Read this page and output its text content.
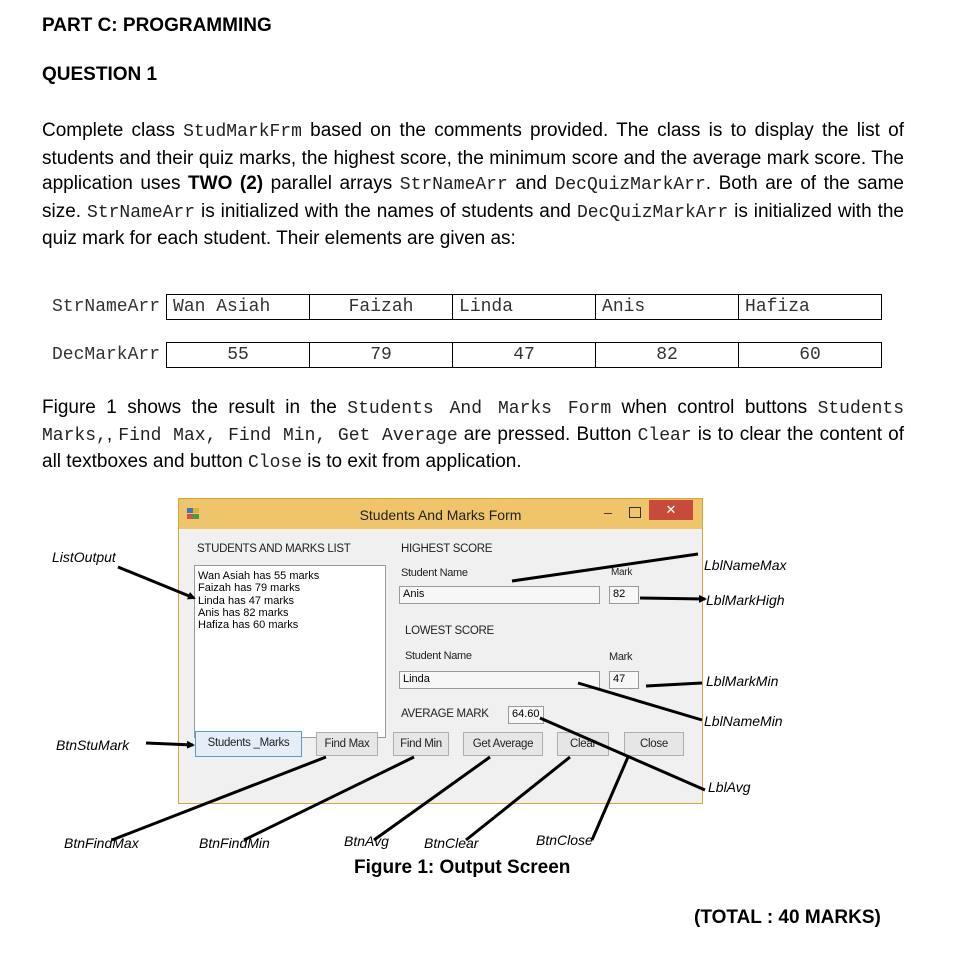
PART C: PROGRAMMING
QUESTION 1
Complete class StudMarkFrm based on the comments provided. The class is to display the list of students and their quiz marks, the highest score, the minimum score and the average mark score. The application uses TWO (2) parallel arrays StrNameArr and DecQuizMarkArr. Both are of the same size. StrNameArr is initialized with the names of students and DecQuizMarkArr is initialized with the quiz mark for each student. Their elements are given as:
StrNameArr	Wan Asiah	Faizah	Linda	Anis	Hafiza
DecMarkArr	55	79	47	82	60
Figure 1 shows the result in the Students And Marks Form when control buttons Students Marks,, Find Max, Find Min, Get Average are pressed. Button Clear is to clear the content of all textboxes and button Close is to exit from application.
Students And Marks Form	–	✕
STUDENTS AND MARKS LIST
Wan Asiah has 55 marks
Faizah has 79 marks
Linda has 47 marks
Anis has 82 marks
Hafiza has 60 marks
HIGHEST SCORE
Student Name	Mark
Anis	82
LOWEST SCORE
Student Name	Mark
Linda	47
AVERAGE MARK	64.60
Students _Marks	Find Max	Find Min	Get Average	Clear	Close
ListOutput
BtnStuMark
LblNameMax
LblMarkHigh
LblMarkMin
LblNameMin
LblAvg
BtnFindMax	BtnFindMin	BtnAvg	BtnClear	BtnClose
Figure 1: Output Screen
(TOTAL : 40 MARKS)
